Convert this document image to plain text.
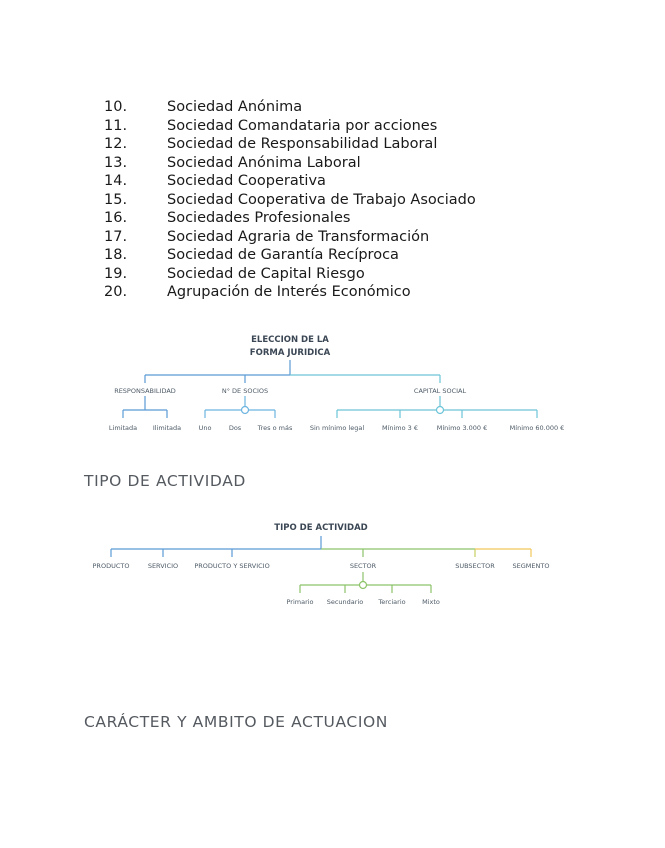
10.	Sociedad Anónima
11.	Sociedad Comandataria por acciones
12.	Sociedad de Responsabilidad Laboral
13.	Sociedad Anónima Laboral
14.	Sociedad Cooperativa
15.	Sociedad Cooperativa de Trabajo Asociado
16.	Sociedades Profesionales
17.	Sociedad Agraria de Transformación
18.	Sociedad de Garantía Recíproca
19.	Sociedad de Capital Riesgo
20.	Agrupación de Interés Económico
ELECCION DE LA
FORMA JURIDICA
RESPONSABILIDAD	N° DE SOCIOS	CAPITAL SOCIAL
Limitada Ilimitada	Uno	Dos	Tres o más	Sin mínimo legal	Mínimo 3 €	Mínimo 3.000 €	Mínimo 60.000 €
TIPO DE ACTIVIDAD
TIPO DE ACTIVIDAD
PRODUCTO	SERVICIO PRODUCTO Y SERVICIO	SECTOR	SUBSECTOR	SEGMENTO
Primario Secundario Terciario	Mixto
CARÁCTER Y AMBITO DE ACTUACION
